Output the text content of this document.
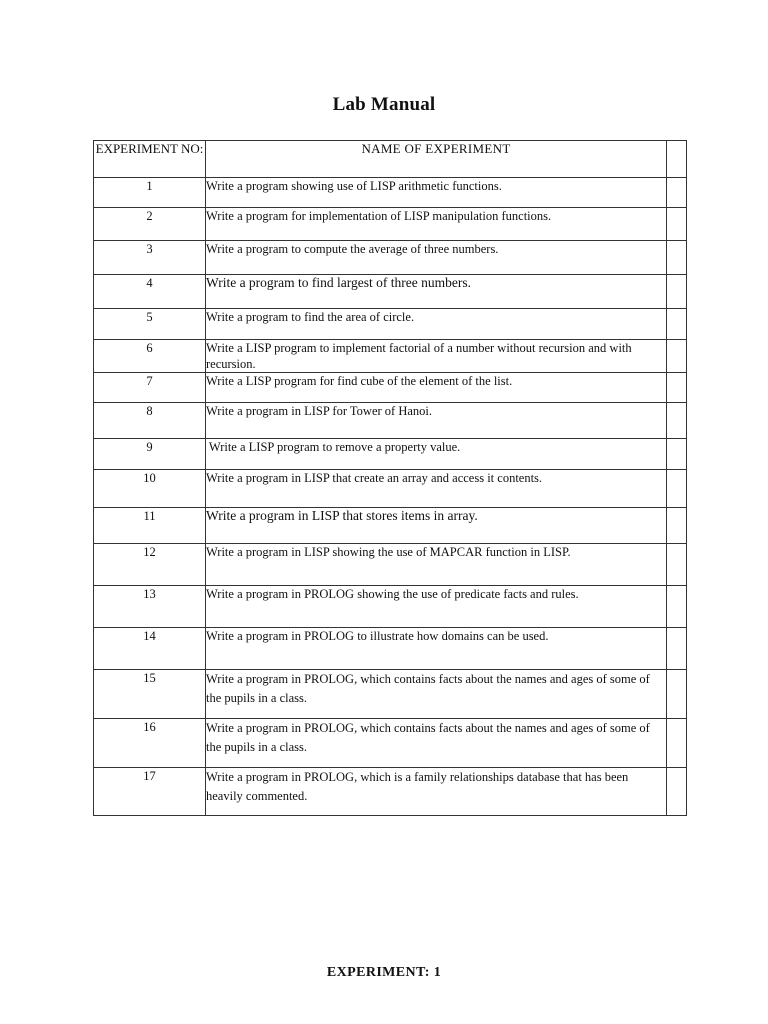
Lab Manual
EXPERIMENT NO:	NAME OF EXPERIMENT	
1	Write a program showing use of LISP arithmetic functions.	
2	Write a program for implementation of LISP manipulation functions.	
3	Write a program to compute the average of three numbers.	
4	Write a program to find largest of three numbers.	
5	Write a program to find the area of circle.	
6	Write a LISP program to implement factorial of a number without recursion and with recursion.	
7	Write a LISP program for find cube of the element of the list.	
8	Write a program in LISP for Tower of Hanoi.	
9	Write a LISP program to remove a property value.	
10	Write a program in LISP that create an array and access it contents.	
11	Write a program in LISP that stores items in array.	
12	Write a program in LISP showing the use of MAPCAR function in LISP.	
13	Write a program in PROLOG showing the use of predicate facts and rules.	
14	Write a program in PROLOG to illustrate how domains can be used.	
15	Write a program in PROLOG, which contains facts about the names and ages of some of the pupils in a class.	
16	Write a program in PROLOG, which contains facts about the names and ages of some of the pupils in a class.	
17	Write a program in PROLOG, which is a family relationships database that has been heavily commented.	
EXPERIMENT: 1
